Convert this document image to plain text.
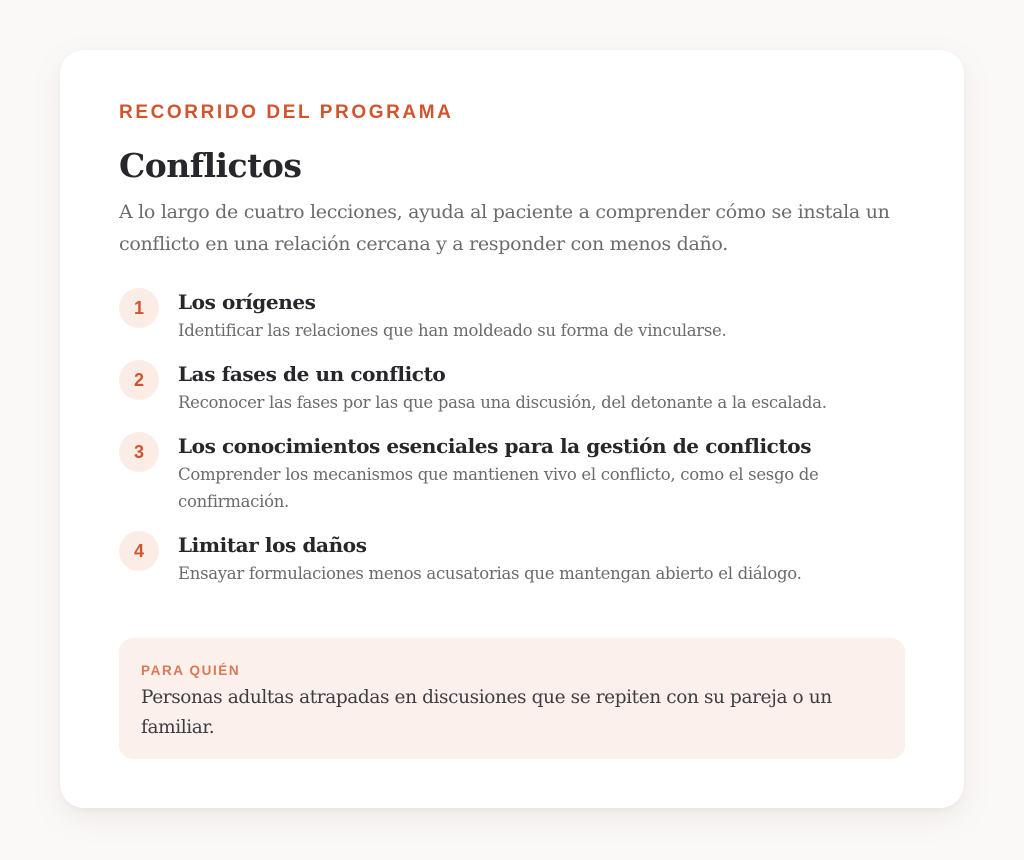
RECORRIDO DEL PROGRAMA

Conflictos

A lo largo de cuatro lecciones, ayuda al paciente a comprender cómo se instala un conflicto en una relación cercana y a responder con menos daño.

1	Los orígenes

Identificar las relaciones que han moldeado su forma de vincularse.

2	Las fases de un conflicto

Reconocer las fases por las que pasa una discusión, del detonante a la escalada.

3	Los conocimientos esenciales para la gestión de conflictos

Comprender los mecanismos que mantienen vivo el conflicto, como el sesgo de confirmación.

4	Limitar los daños

Ensayar formulaciones menos acusatorias que mantengan abierto el diálogo.

PARA QUIÉN

Personas adultas atrapadas en discusiones que se repiten con su pareja o un familiar.
